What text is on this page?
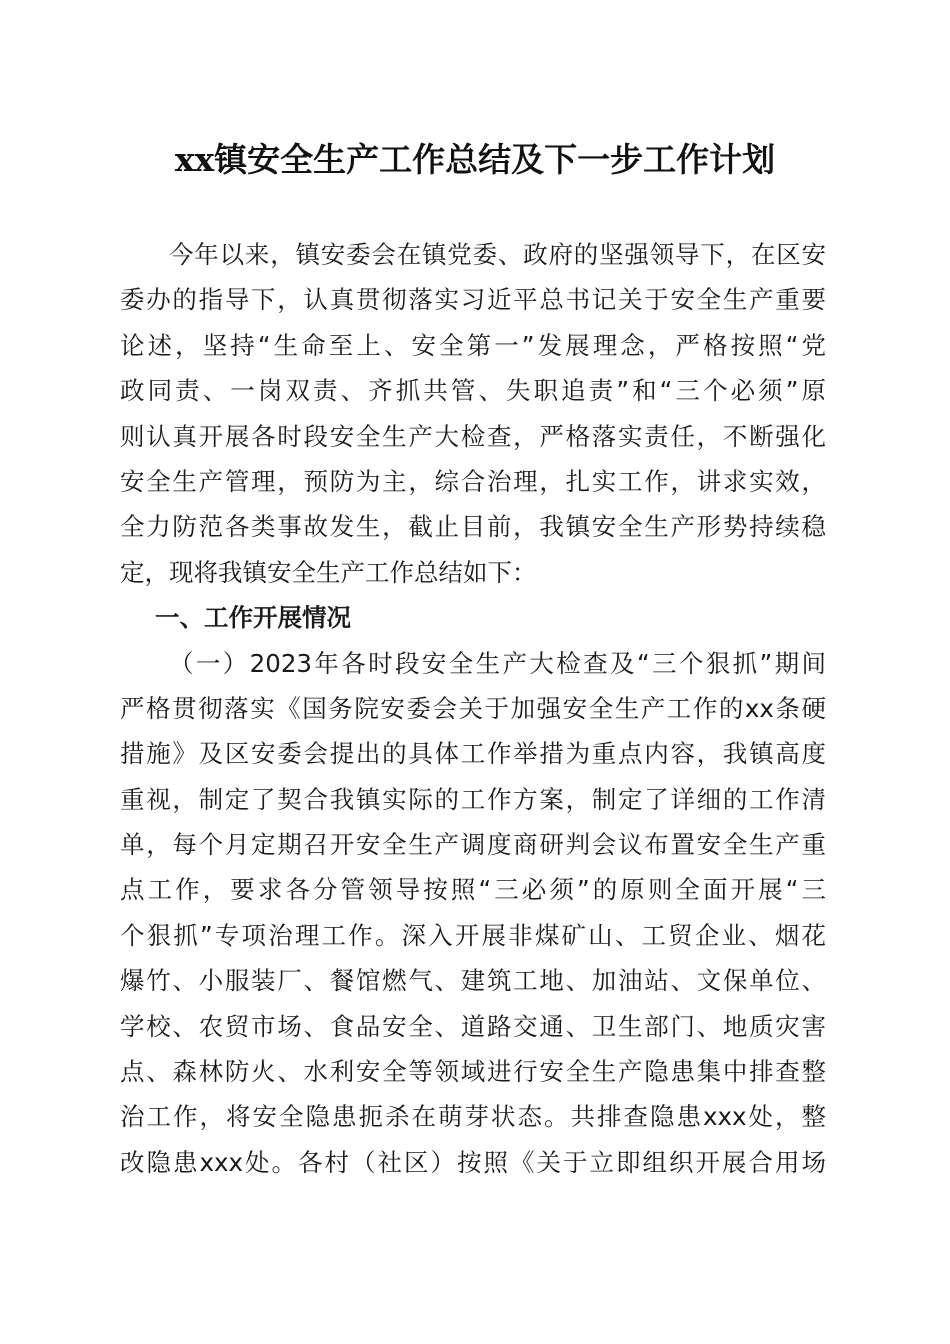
xx镇安全生产工作总结及下一步工作计划
今年以来，镇安委会在镇党委、政府的坚强领导下，在区安
委办的指导下，认真贯彻落实习近平总书记关于安全生产重要
论述，坚持“生命至上、安全第一”发展理念，严格按照“党
政同责、一岗双责、齐抓共管、失职追责”和“三个必须”原
则认真开展各时段安全生产大检查，严格落实责任，不断强化
安全生产管理，预防为主，综合治理，扎实工作，讲求实效，
全力防范各类事故发生，截止目前，我镇安全生产形势持续稳
定，现将我镇安全生产工作总结如下：
一、工作开展情况
（一）2023年各时段安全生产大检查及“三个狠抓”期间
严格贯彻落实《国务院安委会关于加强安全生产工作的xx条硬
措施》及区安委会提出的具体工作举措为重点内容，我镇高度
重视，制定了契合我镇实际的工作方案，制定了详细的工作清
单，每个月定期召开安全生产调度商研判会议布置安全生产重
点工作，要求各分管领导按照“三必须”的原则全面开展“三
个狠抓”专项治理工作。深入开展非煤矿山、工贸企业、烟花
爆竹、小服装厂、餐馆燃气、建筑工地、加油站、文保单位、
学校、农贸市场、食品安全、道路交通、卫生部门、地质灾害
点、森林防火、水利安全等领域进行安全生产隐患集中排查整
治工作，将安全隐患扼杀在萌芽状态。共排查隐患xxx处，整
改隐患xxx处。各村（社区）按照《关于立即组织开展合用场
